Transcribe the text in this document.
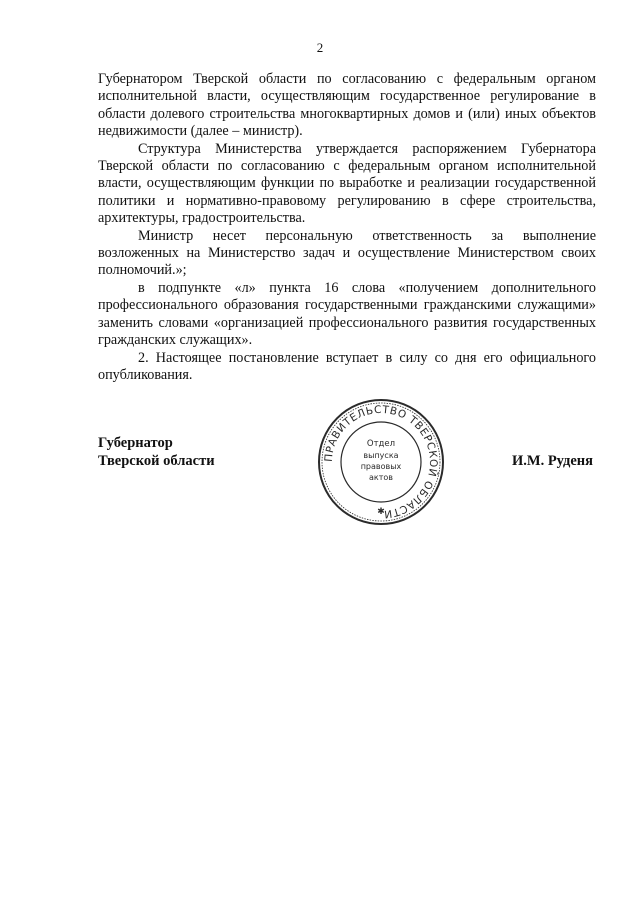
2

Губернатором Тверской области по согласованию с федеральным органом исполнительной власти, осуществляющим государственное регулирование в области долевого строительства многоквартирных домов и (или) иных объектов недвижимости (далее – министр).

Структура Министерства утверждается распоряжением Губернатора Тверской области по согласованию с федеральным органом исполнительной власти, осуществляющим функции по выработке и реализации государственной политики и нормативно-правовому регулированию в сфере строительства, архитектуры, градостроительства.

Министр несет персональную ответственность за выполнение возложенных на Министерство задач и осуществление Министерством своих полномочий.»;

в подпункте «л» пункта 16 слова «получением дополнительного профессионального образования государственными гражданскими служащими» заменить словами «организацией профессионального развития государственных гражданских служащих».

2. Настоящее постановление вступает в силу со дня его официального опубликования.

Губернатор
Тверской области	И.М. Руденя
ПРАВИТЕЛЬСТВО ТВЕРСКОЙ ОБЛАСТИ
Отдел
выпуска
правовых
актов
✱
